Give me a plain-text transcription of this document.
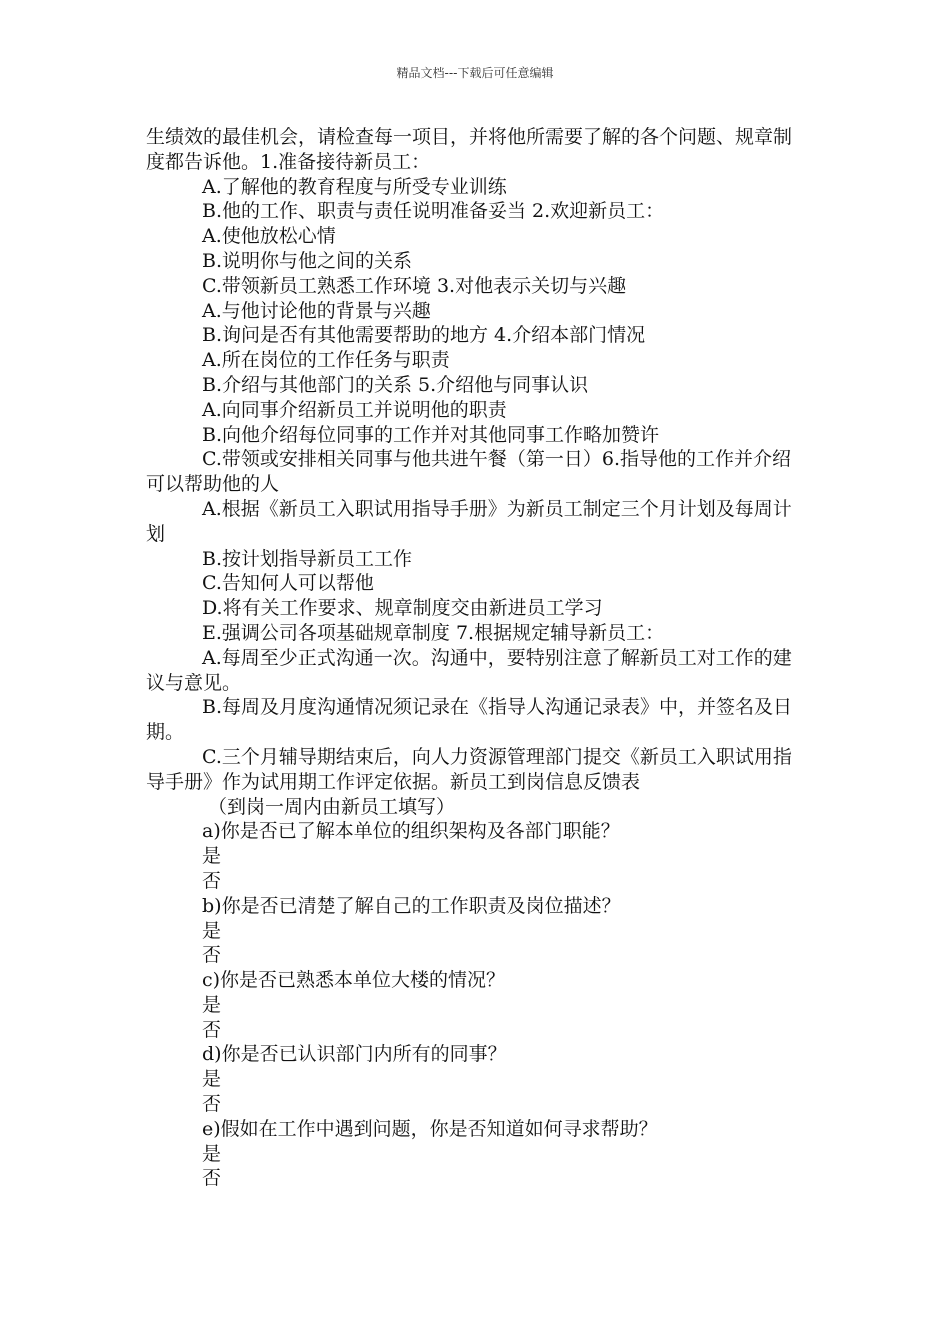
精品文档---下载后可任意编辑

生绩效的最佳机会，请检查每一项目，并将他所需要了解的各个问题、规章制度都告诉他。1.准备接待新员工：

A.了解他的教育程度与所受专业训练

B.他的工作、职责与责任说明准备妥当 2.欢迎新员工：

A.使他放松心情

B.说明你与他之间的关系

C.带领新员工熟悉工作环境 3.对他表示关切与兴趣

A.与他讨论他的背景与兴趣

B.询问是否有其他需要帮助的地方 4.介绍本部门情况

A.所在岗位的工作任务与职责

B.介绍与其他部门的关系 5.介绍他与同事认识

A.向同事介绍新员工并说明他的职责

B.向他介绍每位同事的工作并对其他同事工作略加赞许

C.带领或安排相关同事与他共进午餐（第一日）6.指导他的工作并介绍可以帮助他的人

A.根据《新员工入职试用指导手册》为新员工制定三个月计划及每周计划

B.按计划指导新员工工作

C.告知何人可以帮他

D.将有关工作要求、规章制度交由新进员工学习

E.强调公司各项基础规章制度 7.根据规定辅导新员工：

A.每周至少正式沟通一次。沟通中，要特别注意了解新员工对工作的建议与意见。

B.每周及月度沟通情况须记录在《指导人沟通记录表》中，并签名及日期。

C.三个月辅导期结束后，向人力资源管理部门提交《新员工入职试用指导手册》作为试用期工作评定依据。新员工到岗信息反馈表

（到岗一周内由新员工填写）

a)你是否已了解本单位的组织架构及各部门职能？

是

否

b)你是否已清楚了解自己的工作职责及岗位描述？

是

否

c)你是否已熟悉本单位大楼的情况？

是

否

d)你是否已认识部门内所有的同事？

是

否

e)假如在工作中遇到问题，你是否知道如何寻求帮助？

是

否
